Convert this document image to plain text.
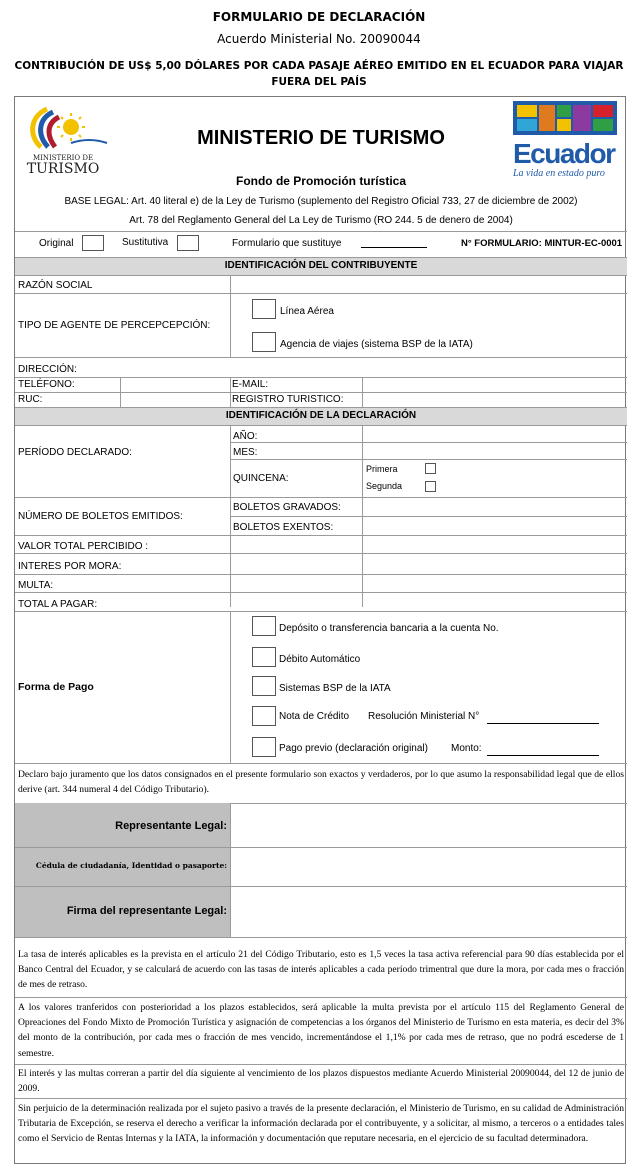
FORMULARIO DE DECLARACIÓN
Acuerdo Ministerial No. 20090044
CONTRIBUCIÓN DE US$ 5,00 DÓLARES POR CADA PASAJE AÉREO EMITIDO EN EL ECUADOR PARA VIAJAR FUERA DEL PAÍS
MINISTERIO DE
TURISMO
MINISTERIO DE TURISMO	Ecuador
La vida en estado puro
Fondo de Promoción turística
BASE LEGAL: Art. 40 literal e) de la Ley de Turismo (suplemento del Registro Oficial 733, 27 de diciembre de 2002)
Art. 78 del Reglamento General del La Ley de Turismo (RO 244. 5 de denero de 2004)
Original	Sustitutiva	Formulario que sustituye	N° FORMULARIO: MINTUR-EC-0001
IDENTIFICACIÓN DEL CONTRIBUYENTE
RAZÓN SOCIAL
TIPO DE AGENTE DE PERCEPCEPCIÓN:
Línea Aérea
Agencia de viajes (sistema BSP de la IATA)
DIRECCIÓN:
TELÉFONO:	E-MAIL:
RUC:	REGISTRO TURISTICO:
IDENTIFICACIÓN DE LA DECLARACIÓN
PERÍODO DECLARADO:
AÑO:
MES:
QUINCENA:
Primera
Segunda
NÚMERO DE BOLETOS EMITIDOS:
BOLETOS GRAVADOS:
BOLETOS EXENTOS:
VALOR TOTAL PERCIBIDO :
INTERES POR MORA:
MULTA:
TOTAL A PAGAR:
Forma de Pago
Depósito o transferencia bancaria a la cuenta No.
Débito Automático
Sistemas BSP de la IATA
Nota de Crédito Resolución Ministerial N°
Pago previo (declaración original) Monto:
Declaro bajo juramento que los datos consignados en el presente formulario son exactos y verdaderos, por lo que asumo la responsabilidad legal que de ellos derive (art. 344 numeral 4 del Código Tributario).
Representante Legal:
Cédula de ciudadanía, Identidad o pasaporte:
Firma del representante Legal:
La tasa de interés aplicables es la prevista en el artículo 21 del Código Tributario, esto es 1,5 veces la tasa activa referencial para 90 días establecida por el Banco Central del Ecuador, y se calculará de acuerdo con las tasas de interés aplicables a cada período trimentral que dure la mora, por cada mes o fracción de mes de retraso.
A los valores tranferidos con posterioridad a los plazos establecidos, será aplicable la multa prevista por el artículo 115 del Reglamento General de Opreaciones del Fondo Mixto de Promoción Turística y asignación de competencias a los órganos del Ministerio de Turismo en esta materia, es decir del 3% del monto de la contribución, por cada mes o fracción de mes vencido, incrementándose el 1,1% por cada mes de retraso, que no podrá escederse de 1 semestre.
El interés y las multas correran a partir del día siguiente al vencimiento de los plazos dispuestos mediante Acuerdo Ministerial 20090044, del 12 de junio de 2009.
Sin perjuicio de la determinación realizada por el sujeto pasivo a través de la presente declaración, el Ministerio de Turismo, en su calidad de Administración Tributaria de Excepción, se reserva el derecho a verificar la información declarada por el contribuyente, y a solicitar, al mismo, a terceros o a entidades tales como el Servicio de Rentas Internas y la IATA, la información y documentación que reputare necesaria, en el ejercicio de su facultad determinadora.
